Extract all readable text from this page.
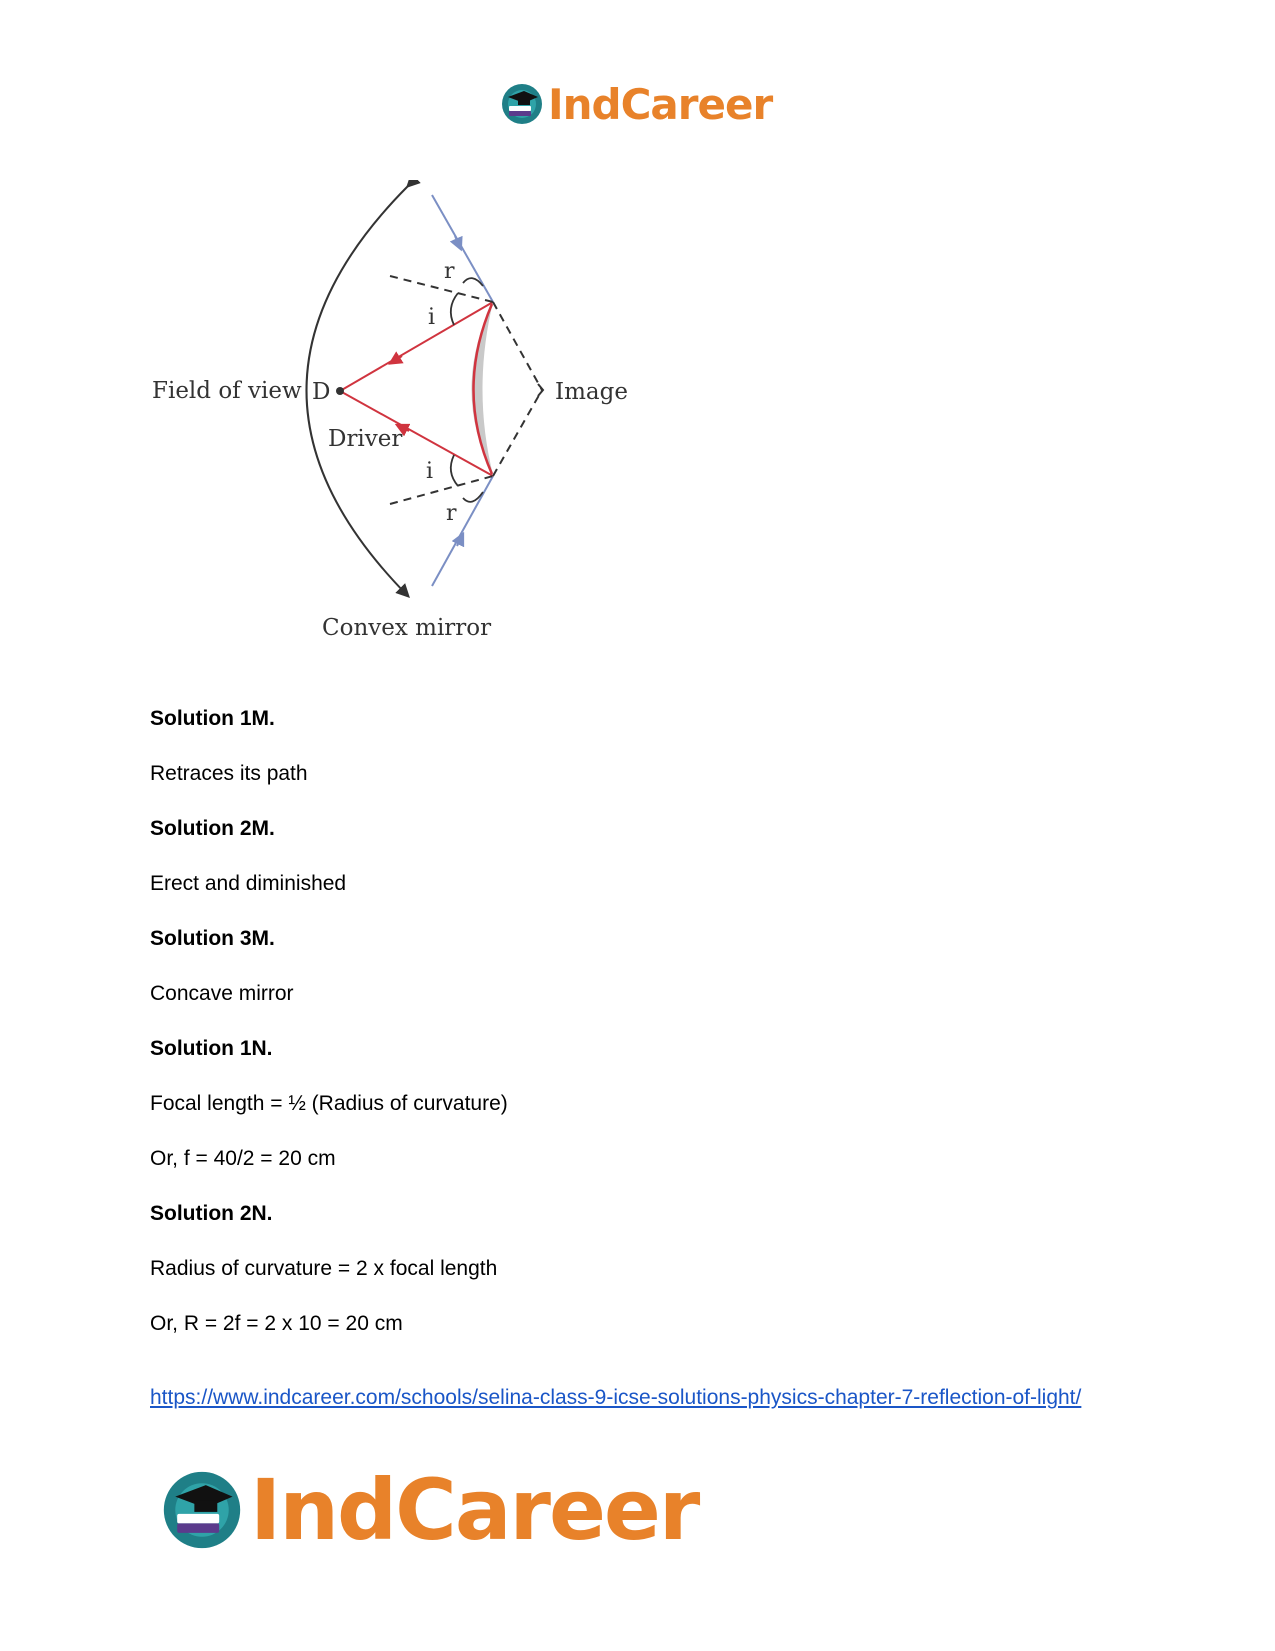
IndCareer
r
i
Field of view D	Image
Driver
i
r
Convex mirror
Solution 1M.
Retraces its path
Solution 2M.
Erect and diminished
Solution 3M.
Concave mirror
Solution 1N.
Focal length = ½ (Radius of curvature)
Or, f = 40/2 = 20 cm
Solution 2N.
Radius of curvature = 2 x focal length
Or, R = 2f = 2 x 10 = 20 cm
https://www.indcareer.com/schools/selina-class-9-icse-solutions-physics-chapter-7-reflection-of-light/
IndCareer
